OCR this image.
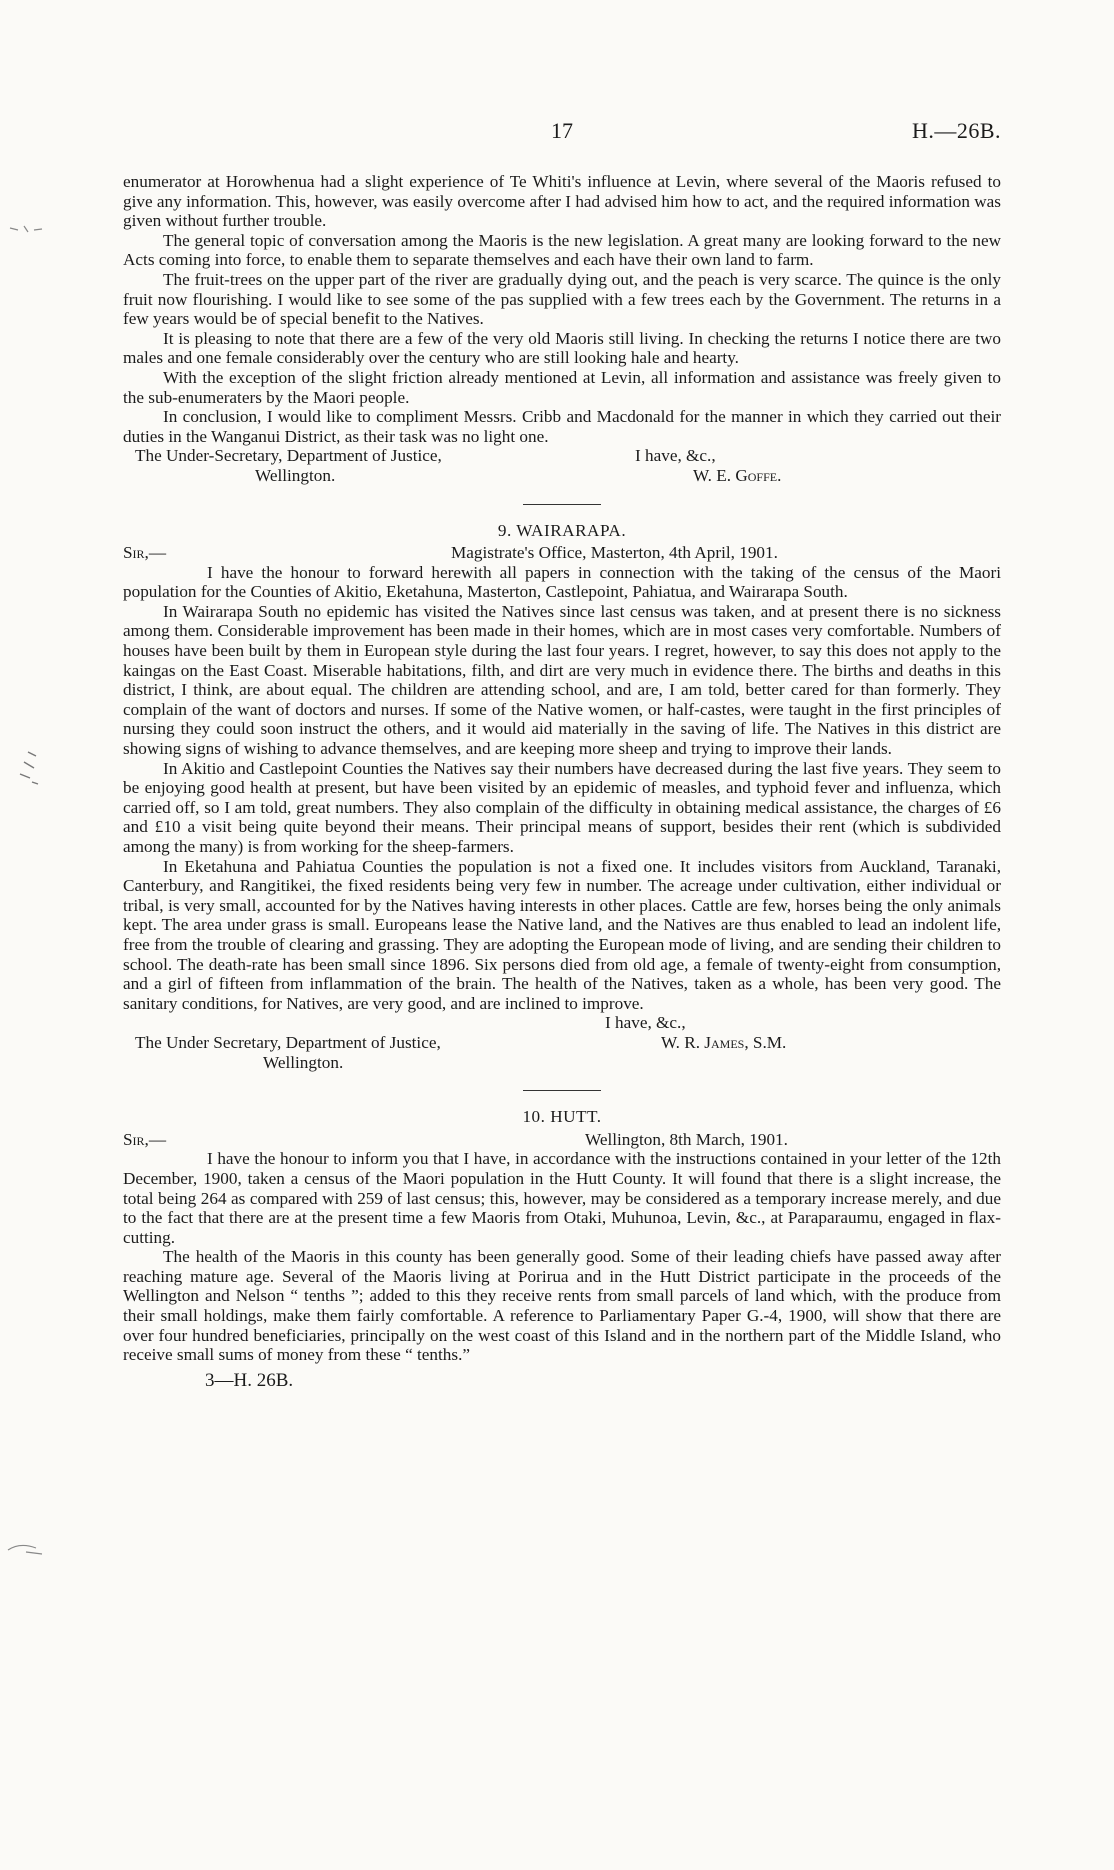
17	H.—26B.

enumerator at Horowhenua had a slight experience of Te Whiti's influence at Levin, where several of the Maoris refused to give any information. This, however, was easily overcome after I had advised him how to act, and the required information was given without further trouble.

The general topic of conversation among the Maoris is the new legislation. A great many are looking forward to the new Acts coming into force, to enable them to separate themselves and each have their own land to farm.

The fruit-trees on the upper part of the river are gradually dying out, and the peach is very scarce. The quince is the only fruit now flourishing. I would like to see some of the pas supplied with a few trees each by the Government. The returns in a few years would be of special benefit to the Natives.

It is pleasing to note that there are a few of the very old Maoris still living. In checking the returns I notice there are two males and one female considerably over the century who are still looking hale and hearty.

With the exception of the slight friction already mentioned at Levin, all information and assistance was freely given to the sub-enumeraters by the Maori people.

In conclusion, I would like to compliment Messrs. Cribb and Macdonald for the manner in which they carried out their duties in the Wanganui District, as their task was no light one.

The Under-Secretary, Department of Justice,	I have, &c.,
Wellington.	W. E. Goffe.
9. WAIRARAPA.
Sir,—	Magistrate's Office, Masterton, 4th April, 1901.

I have the honour to forward herewith all papers in connection with the taking of the census of the Maori population for the Counties of Akitio, Eketahuna, Masterton, Castlepoint, Pahiatua, and Wairarapa South.

In Wairarapa South no epidemic has visited the Natives since last census was taken, and at present there is no sickness among them. Considerable improvement has been made in their homes, which are in most cases very comfortable. Numbers of houses have been built by them in European style during the last four years. I regret, however, to say this does not apply to the kaingas on the East Coast. Miserable habitations, filth, and dirt are very much in evidence there. The births and deaths in this district, I think, are about equal. The children are attending school, and are, I am told, better cared for than formerly. They complain of the want of doctors and nurses. If some of the Native women, or half-castes, were taught in the first principles of nursing they could soon instruct the others, and it would aid materially in the saving of life. The Natives in this district are showing signs of wishing to advance themselves, and are keeping more sheep and trying to improve their lands.

In Akitio and Castlepoint Counties the Natives say their numbers have decreased during the last five years. They seem to be enjoying good health at present, but have been visited by an epidemic of measles, and typhoid fever and influenza, which carried off, so I am told, great numbers. They also complain of the difficulty in obtaining medical assistance, the charges of £6 and £10 a visit being quite beyond their means. Their principal means of support, besides their rent (which is subdivided among the many) is from working for the sheep-farmers.

In Eketahuna and Pahiatua Counties the population is not a fixed one. It includes visitors from Auckland, Taranaki, Canterbury, and Rangitikei, the fixed residents being very few in number. The acreage under cultivation, either individual or tribal, is very small, accounted for by the Natives having interests in other places. Cattle are few, horses being the only animals kept. The area under grass is small. Europeans lease the Native land, and the Natives are thus enabled to lead an indolent life, free from the trouble of clearing and grassing. They are adopting the European mode of living, and are sending their children to school. The death-rate has been small since 1896. Six persons died from old age, a female of twenty-eight from consumption, and a girl of fifteen from inflammation of the brain. The health of the Natives, taken as a whole, has been very good. The sanitary conditions, for Natives, are very good, and are inclined to improve.

I have, &c.,
The Under Secretary, Department of Justice,	W. R. James, S.M.
Wellington.
10. HUTT.
Sir,—	Wellington, 8th March, 1901.

I have the honour to inform you that I have, in accordance with the instructions contained in your letter of the 12th December, 1900, taken a census of the Maori population in the Hutt County. It will found that there is a slight increase, the total being 264 as compared with 259 of last census; this, however, may be considered as a temporary increase merely, and due to the fact that there are at the present time a few Maoris from Otaki, Muhunoa, Levin, &c., at Paraparaumu, engaged in flax-cutting.

The health of the Maoris in this county has been generally good. Some of their leading chiefs have passed away after reaching mature age. Several of the Maoris living at Porirua and in the Hutt District participate in the proceeds of the Wellington and Nelson “ tenths ”; added to this they receive rents from small parcels of land which, with the produce from their small holdings, make them fairly comfortable. A reference to Parliamentary Paper G.-4, 1900, will show that there are over four hundred beneficiaries, principally on the west coast of this Island and in the northern part of the Middle Island, who receive small sums of money from these “ tenths.”

3—H. 26B.
